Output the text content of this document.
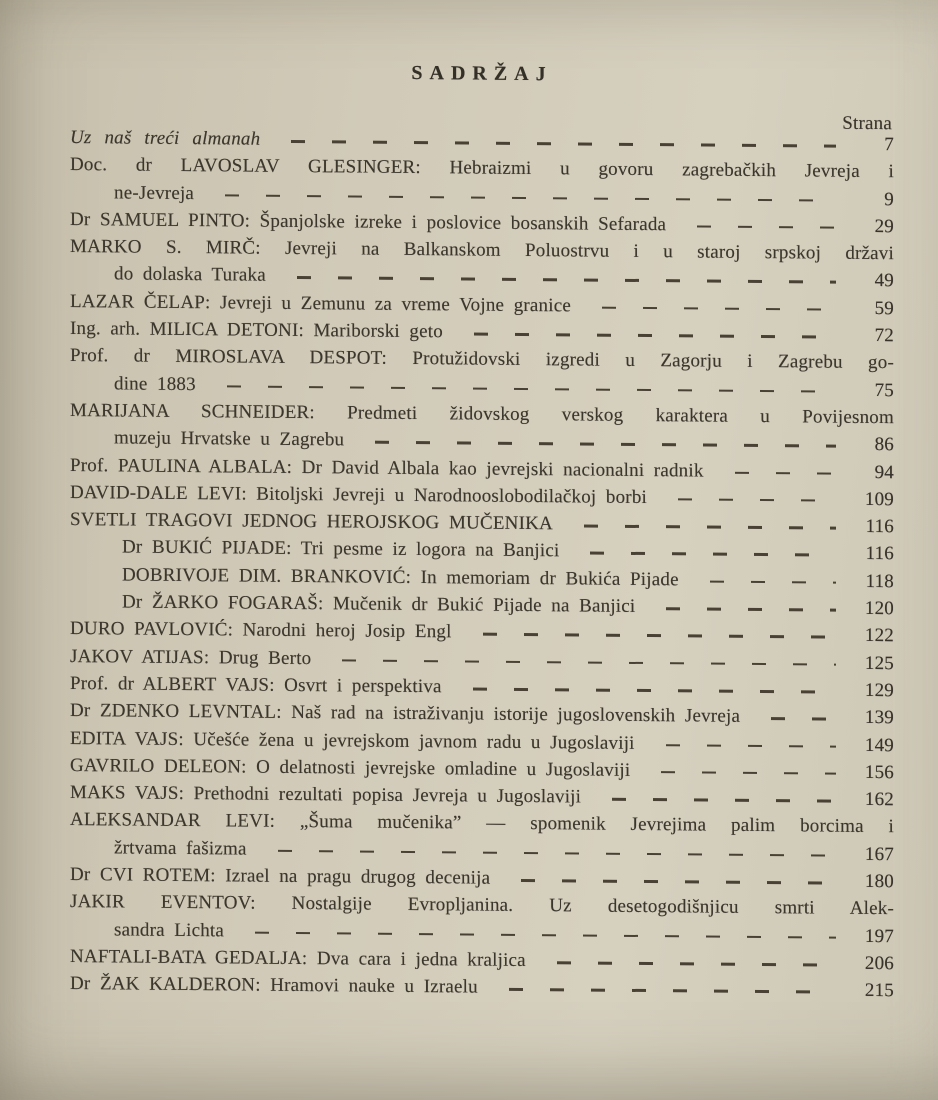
SADRŽAJ
Strana
Uz naš treći almanah	7
Doc. dr LAVOSLAV GLESINGER: Hebraizmi u govoru zagrebačkih Jevreja i
ne-Jevreja	9
Dr SAMUEL PINTO: Španjolske izreke i poslovice bosanskih Sefarada	29
MARKO S. MIRČ: Jevreji na Balkanskom Poluostrvu i u staroj srpskoj državi
do dolaska Turaka	49
LAZAR ČELAP: Jevreji u Zemunu za vreme Vojne granice	59
Ing. arh. MILICA DETONI: Mariborski geto	72
Prof. dr MIROSLAVA DESPOT: Protužidovski izgredi u Zagorju i Zagrebu go-
dine 1883	75
MARIJANA SCHNEIDER: Predmeti židovskog verskog karaktera u Povijesnom
muzeju Hrvatske u Zagrebu	86
Prof. PAULINA ALBALA: Dr David Albala kao jevrejski nacionalni radnik	94
DAVID-DALE LEVI: Bitoljski Jevreji u Narodnooslobodilačkoj borbi	109
SVETLI TRAGOVI JEDNOG HEROJSKOG MUČENIKA	116
Dr BUKIĆ PIJADE: Tri pesme iz logora na Banjici	116
DOBRIVOJE DIM. BRANKOVIĆ: In memoriam dr Bukića Pijade	118
Dr ŽARKO FOGARAŠ: Mučenik dr Bukić Pijade na Banjici	120
DURO PAVLOVIĆ: Narodni heroj Josip Engl	122
JAKOV ATIJAS: Drug Berto	125
Prof. dr ALBERT VAJS: Osvrt i perspektiva	129
Dr ZDENKO LEVNTAL: Naš rad na istraživanju istorije jugoslovenskih Jevreja	139
EDITA VAJS: Učešće žena u jevrejskom javnom radu u Jugoslaviji	149
GAVRILO DELEON: O delatnosti jevrejske omladine u Jugoslaviji	156
MAKS VAJS: Prethodni rezultati popisa Jevreja u Jugoslaviji	162
ALEKSANDAR LEVI: „Šuma mučenika” — spomenik Jevrejima palim borcima i
žrtvama fašizma	167
Dr CVI ROTEM: Izrael na pragu drugog decenija	180
JAKIR EVENTOV: Nostalgije Evropljanina. Uz desetogodišnjicu smrti Alek-
sandra Lichta	197
NAFTALI-BATA GEDALJA: Dva cara i jedna kraljica	206
Dr ŽAK KALDERON: Hramovi nauke u Izraelu	215
